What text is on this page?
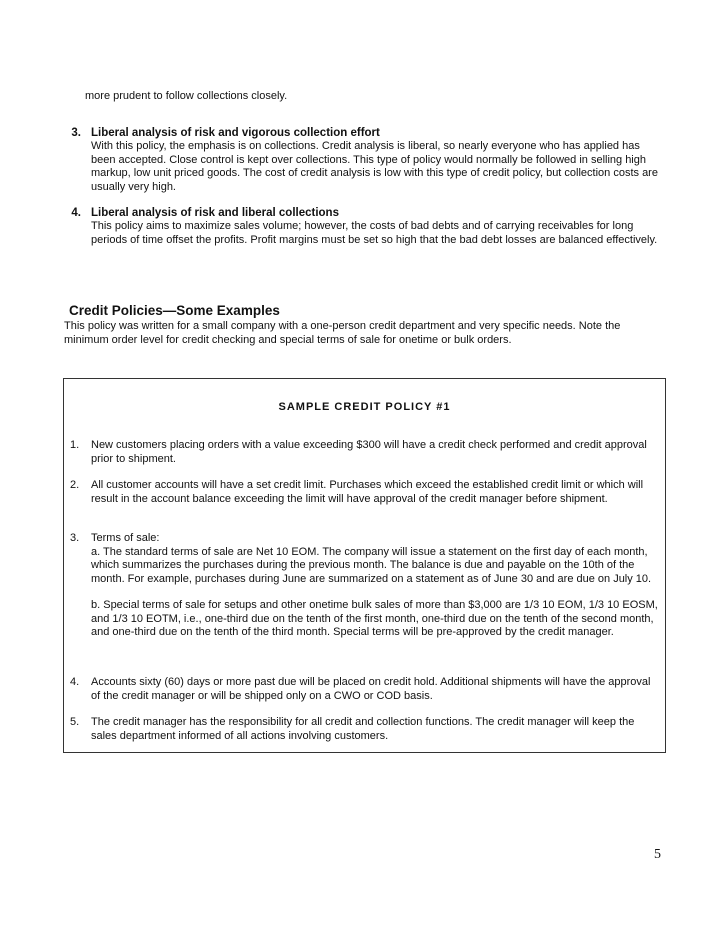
more prudent to follow collections closely.
3. Liberal analysis of risk and vigorous collection effort
With this policy, the emphasis is on collections. Credit analysis is liberal, so nearly everyone who has applied has been accepted. Close control is kept over collections. This type of policy would normally be followed in selling high markup, low unit priced goods. The cost of credit analysis is low with this type of credit policy, but collection costs are usually very high.
4. Liberal analysis of risk and liberal collections
This policy aims to maximize sales volume; however, the costs of bad debts and of carrying receivables for long periods of time offset the profits. Profit margins must be set so high that the bad debt losses are balanced effectively.
Credit Policies—Some Examples
This policy was written for a small company with a one-person credit department and very specific needs. Note the minimum order level for credit checking and special terms of sale for onetime or bulk orders.
SAMPLE CREDIT POLICY #1
1.	New customers placing orders with a value exceeding $300 will have a credit check performed and credit approval prior to shipment.

2.	All customer accounts will have a set credit limit. Purchases which exceed the established credit limit or which will result in the account balance exceeding the limit will have approval of the credit manager before shipment.

3.	Terms of sale:

a. The standard terms of sale are Net 10 EOM. The company will issue a statement on the first day of each month, which summarizes the purchases during the previous month. The balance is due and payable on the 10th of the month. For example, purchases during June are summarized on a statement as of June 30 and are due on July 10.

b. Special terms of sale for setups and other onetime bulk sales of more than $3,000 are 1/3 10 EOM, 1/3 10 EOSM, and 1/3 10 EOTM, i.e., one-third due on the tenth of the first month, one-third due on the tenth of the second month, and one-third due on the tenth of the third month. Special terms will be pre-approved by the credit manager.

4.	Accounts sixty (60) days or more past due will be placed on credit hold. Additional shipments will have the approval of the credit manager or will be shipped only on a CWO or COD basis.

5.	The credit manager has the responsibility for all credit and collection functions. The credit manager will keep the sales department informed of all actions involving customers.

5
